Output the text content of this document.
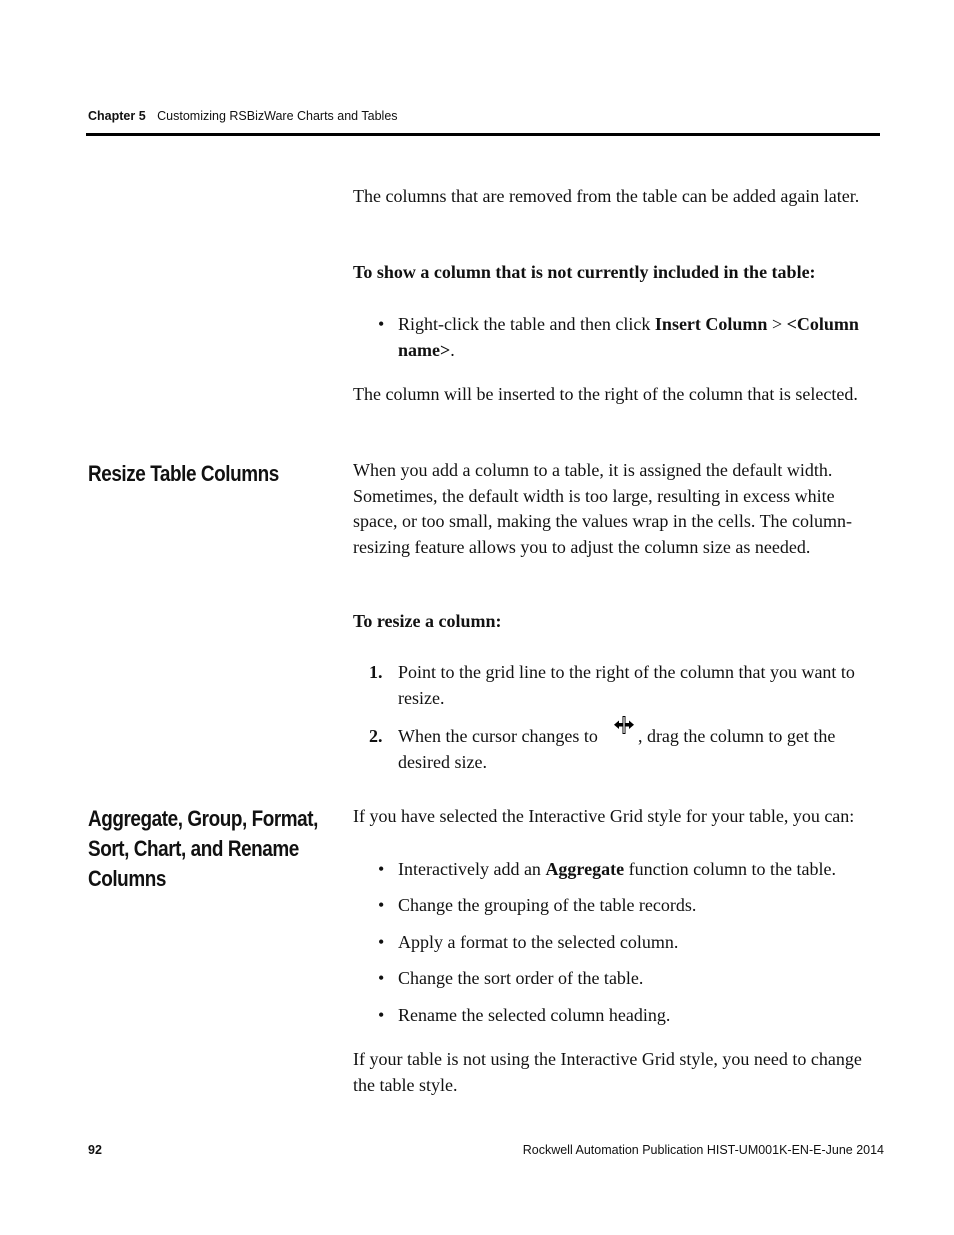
Chapter 5 Customizing RSBizWare Charts and Tables
The columns that are removed from the table can be added again later.
To show a column that is not currently included in the table:
• Right-click the table and then click Insert Column > <Column name>.
The column will be inserted to the right of the column that is selected.
Resize Table Columns	When you add a column to a table, it is assigned the default width. Sometimes, the default width is too large, resulting in excess white space, or too small, making the values wrap in the cells. The column-resizing feature allows you to adjust the column size as needed.
To resize a column:
1. Point to the grid line to the right of the column that you want to resize.
2. When the cursor changes to , drag the column to get the desired size.
Aggregate, Group, Format, Sort, Chart, and Rename Columns
If you have selected the Interactive Grid style for your table, you can:
• Interactively add an Aggregate function column to the table.
• Change the grouping of the table records.
• Apply a format to the selected column.
• Change the sort order of the table.
• Rename the selected column heading.
If your table is not using the Interactive Grid style, you need to change the table style.
92	Rockwell Automation Publication HIST-UM001K-EN-E-June 2014
